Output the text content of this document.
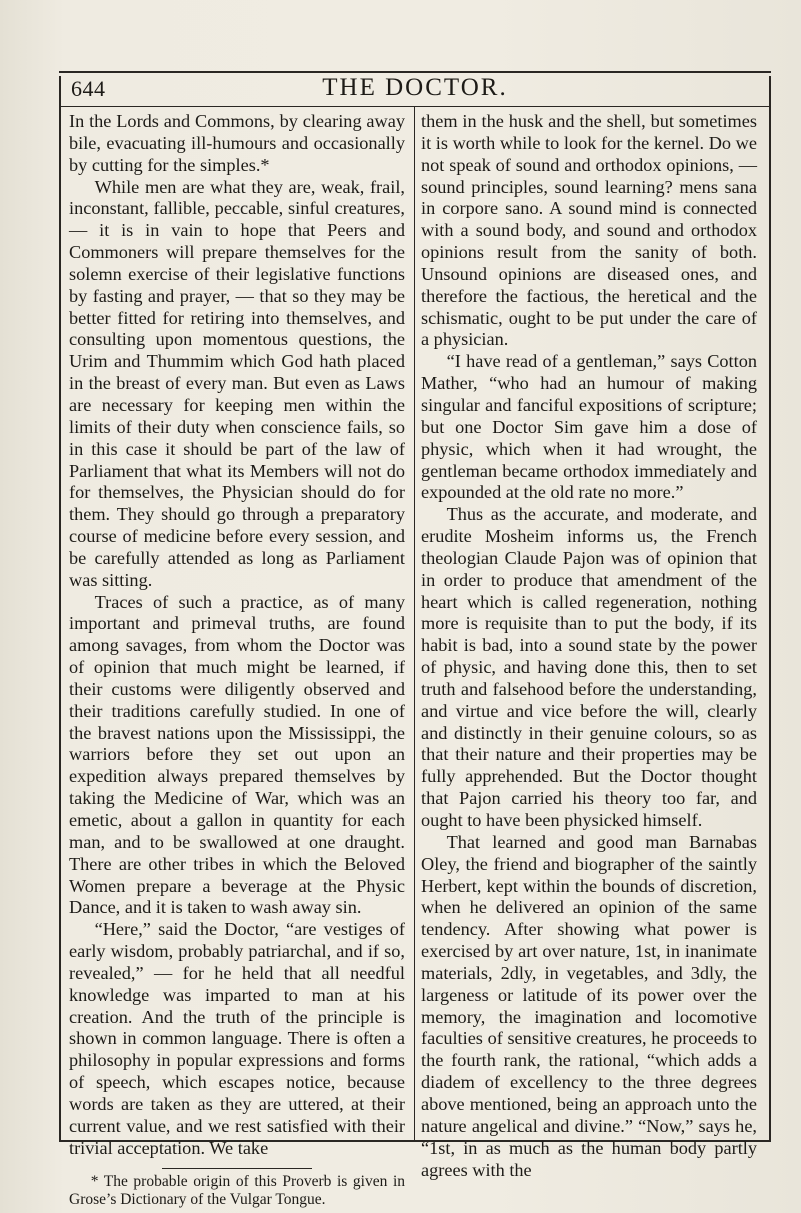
644	THE DOCTOR.

In the Lords and Commons, by clearing away bile, evacuating ill-humours and occasionally by cutting for the simples.*

While men are what they are, weak, frail, inconstant, fallible, peccable, sinful creatures, — it is in vain to hope that Peers and Commoners will prepare themselves for the solemn exercise of their legislative functions by fasting and prayer, — that so they may be better fitted for retiring into themselves, and consulting upon momentous questions, the Urim and Thummim which God hath placed in the breast of every man. But even as Laws are necessary for keeping men within the limits of their duty when conscience fails, so in this case it should be part of the law of Parliament that what its Members will not do for themselves, the Physician should do for them. They should go through a preparatory course of medicine before every session, and be carefully attended as long as Parliament was sitting.

Traces of such a practice, as of many important and primeval truths, are found among savages, from whom the Doctor was of opinion that much might be learned, if their customs were diligently observed and their traditions carefully studied. In one of the bravest nations upon the Mississippi, the warriors before they set out upon an expedition always prepared themselves by taking the Medicine of War, which was an emetic, about a gallon in quantity for each man, and to be swallowed at one draught. There are other tribes in which the Beloved Women prepare a beverage at the Physic Dance, and it is taken to wash away sin.

“Here,” said the Doctor, “are vestiges of early wisdom, probably patriarchal, and if so, revealed,” — for he held that all needful knowledge was imparted to man at his creation. And the truth of the principle is shown in common language. There is often a philosophy in popular expressions and forms of speech, which escapes notice, because words are taken as they are uttered, at their current value, and we rest satisfied with their trivial acceptation. We take

* The probable origin of this Proverb is given in Grose’s Dictionary of the Vulgar Tongue.

them in the husk and the shell, but sometimes it is worth while to look for the kernel. Do we not speak of sound and orthodox opinions, — sound principles, sound learning? mens sana in corpore sano. A sound mind is connected with a sound body, and sound and orthodox opinions result from the sanity of both. Unsound opinions are diseased ones, and therefore the factious, the heretical and the schismatic, ought to be put under the care of a physician.

“I have read of a gentleman,” says Cotton Mather, “who had an humour of making singular and fanciful expositions of scripture; but one Doctor Sim gave him a dose of physic, which when it had wrought, the gentleman became orthodox immediately and expounded at the old rate no more.”

Thus as the accurate, and moderate, and erudite Mosheim informs us, the French theologian Claude Pajon was of opinion that in order to produce that amendment of the heart which is called regeneration, nothing more is requisite than to put the body, if its habit is bad, into a sound state by the power of physic, and having done this, then to set truth and falsehood before the understanding, and virtue and vice before the will, clearly and distinctly in their genuine colours, so as that their nature and their properties may be fully apprehended. But the Doctor thought that Pajon carried his theory too far, and ought to have been physicked himself.

That learned and good man Barnabas Oley, the friend and biographer of the saintly Herbert, kept within the bounds of discretion, when he delivered an opinion of the same tendency. After showing what power is exercised by art over nature, 1st, in inanimate materials, 2dly, in vegetables, and 3dly, the largeness or latitude of its power over the memory, the imagination and locomotive faculties of sensitive creatures, he proceeds to the fourth rank, the rational, “which adds a diadem of excellency to the three degrees above mentioned, being an approach unto the nature angelical and divine.” “Now,” says he, “1st, in as much as the human body partly agrees with the
